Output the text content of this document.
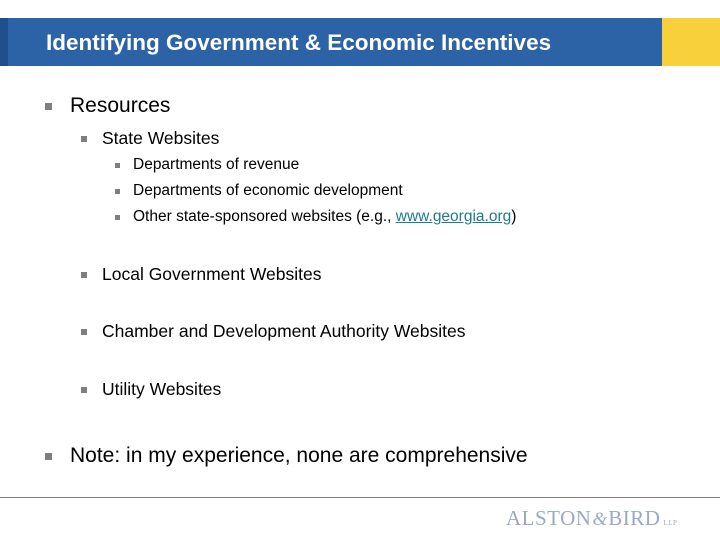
Identifying Government & Economic Incentives
Resources
State Websites
Departments of revenue
Departments of economic development
Other state-sponsored websites (e.g., www.georgia.org)
Local Government Websites
Chamber and Development Authority Websites
Utility Websites
Note: in my experience, none are comprehensive
ALSTON & BIRD LLP
